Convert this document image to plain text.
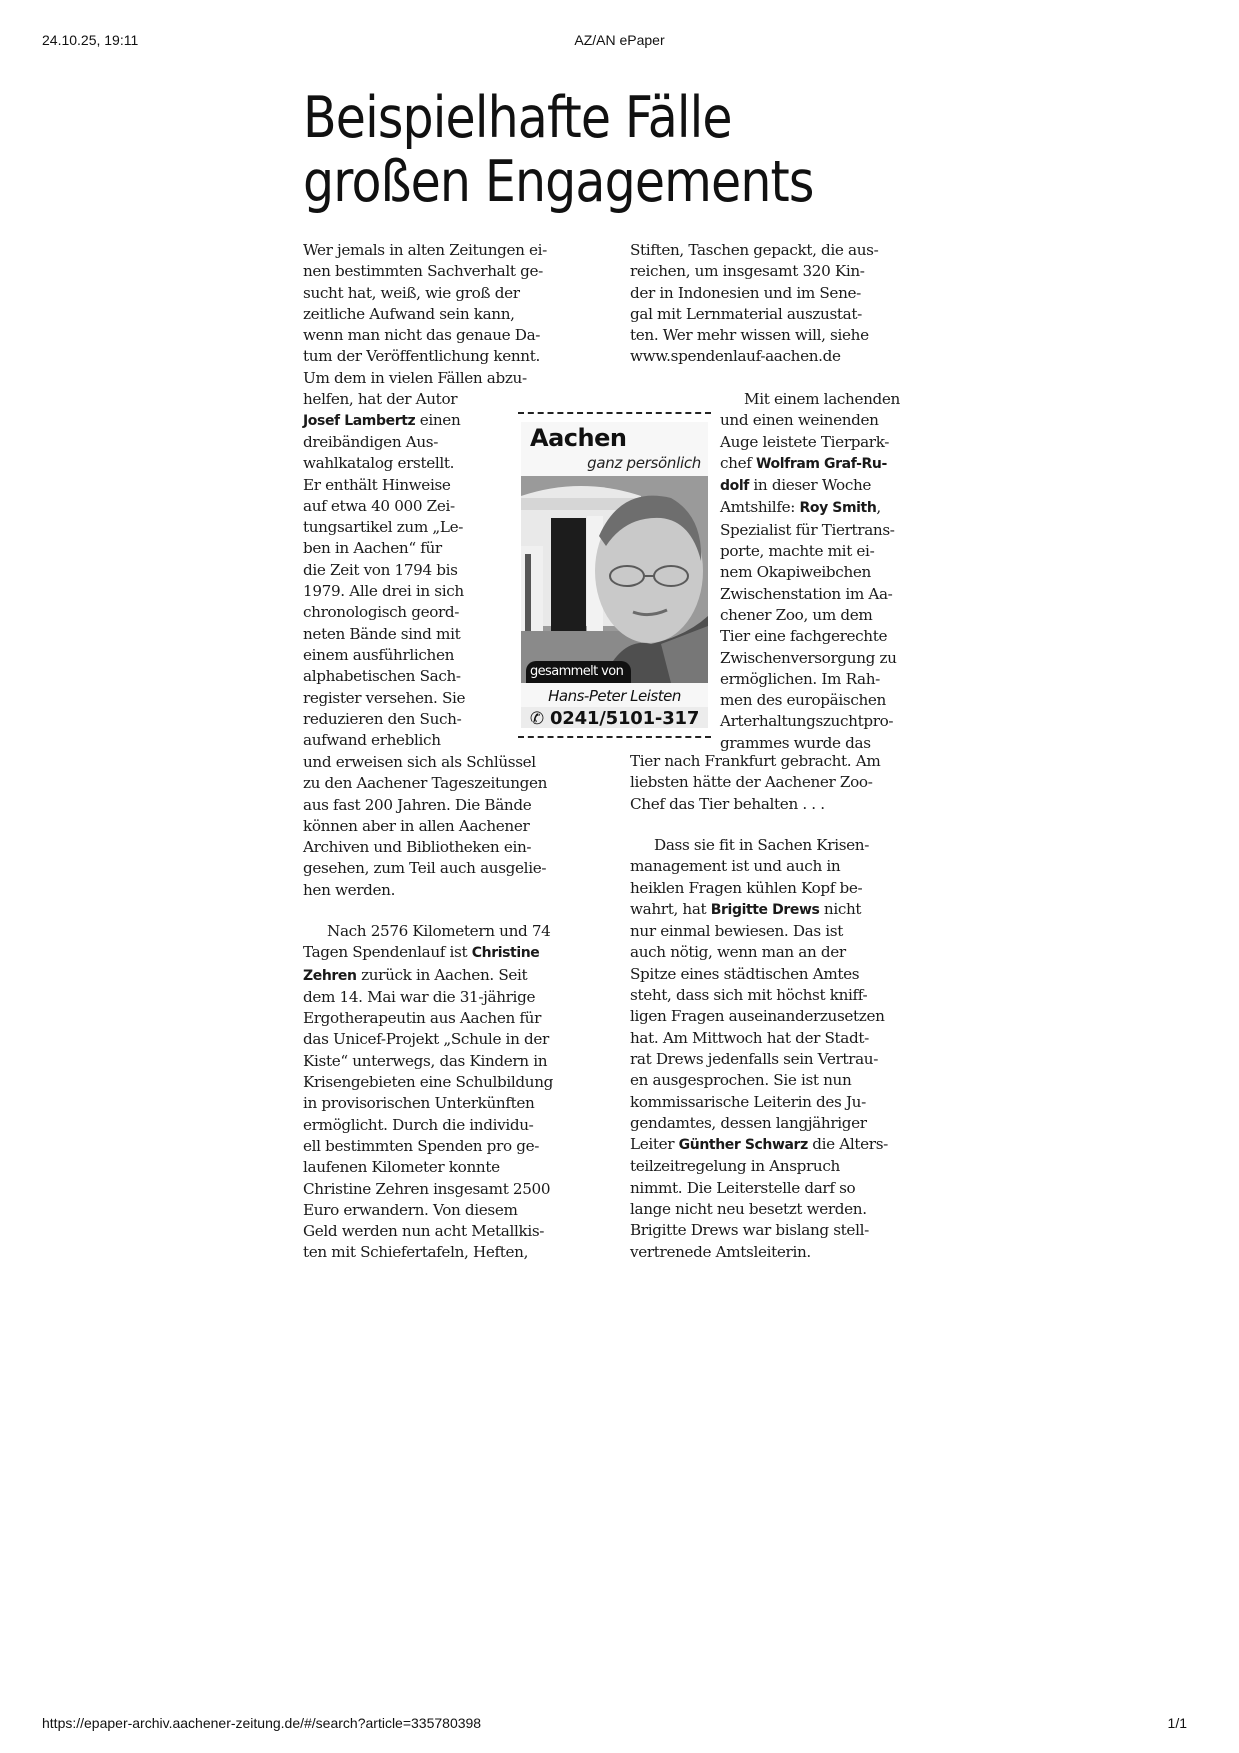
24.10.25, 19:11	AZ/AN ePaper
Beispielhafte Fälle
großen Engagements
Wer jemals in alten Zeitungen ei-
nen bestimmten Sachverhalt ge-
sucht hat, weiß, wie groß der
zeitliche Aufwand sein kann,
wenn man nicht das genaue Da-
tum der Veröffentlichung kennt.
Um dem in vielen Fällen abzu-
helfen, hat der Autor
Josef Lambertz einen
dreibändigen Aus-
wahlkatalog erstellt.
Er enthält Hinweise
auf etwa 40 000 Zei-
tungsartikel zum „Le-
ben in Aachen“ für
die Zeit von 1794 bis
1979. Alle drei in sich
chronologisch geord-
neten Bände sind mit
einem ausführlichen
alphabetischen Sach-
register versehen. Sie
reduzieren den Such-
aufwand erheblich
und erweisen sich als Schlüssel
zu den Aachener Tageszeitungen
aus fast 200 Jahren. Die Bände
können aber in allen Aachener
Archiven und Bibliotheken ein-
gesehen, zum Teil auch ausgelie-
hen werden.
Nach 2576 Kilometern und 74
Tagen Spendenlauf ist Christine
Zehren zurück in Aachen. Seit
dem 14. Mai war die 31-jährige
Ergotherapeutin aus Aachen für
das Unicef-Projekt „Schule in der
Kiste“ unterwegs, das Kindern in
Krisengebieten eine Schulbildung
in provisorischen Unterkünften
ermöglicht. Durch die individu-
ell bestimmten Spenden pro ge-
laufenen Kilometer konnte
Christine Zehren insgesamt 2500
Euro erwandern. Von diesem
Geld werden nun acht Metallkis-
ten mit Schiefertafeln, Heften,
Stiften, Taschen gepackt, die aus-
reichen, um insgesamt 320 Kin-
der in Indonesien und im Sene-
gal mit Lernmaterial auszustat-
ten. Wer mehr wissen will, siehe
www.spendenlauf-aachen.de
Mit einem lachenden
und einen weinenden
Auge leistete Tierpark-
chef Wolfram Graf-Ru-
dolf in dieser Woche
Amtshilfe: Roy Smith,
Spezialist für Tiertrans-
porte, machte mit ei-
nem Okapiweibchen
Zwischenstation im Aa-
chener Zoo, um dem
Tier eine fachgerechte
Zwischenversorgung zu
ermöglichen. Im Rah-
men des europäischen
Arterhaltungszuchtpro-
grammes wurde das
Tier nach Frankfurt gebracht. Am
liebsten hätte der Aachener Zoo-
Chef das Tier behalten . . .
Dass sie fit in Sachen Krisen-
management ist und auch in
heiklen Fragen kühlen Kopf be-
wahrt, hat Brigitte Drews nicht
nur einmal bewiesen. Das ist
auch nötig, wenn man an der
Spitze eines städtischen Amtes
steht, dass sich mit höchst kniff-
ligen Fragen auseinanderzusetzen
hat. Am Mittwoch hat der Stadt-
rat Drews jedenfalls sein Vertrau-
en ausgesprochen. Sie ist nun
kommissarische Leiterin des Ju-
gendamtes, dessen langjähriger
Leiter Günther Schwarz die Alters-
teilzeitregelung in Anspruch
nimmt. Die Leiterstelle darf so
lange nicht neu besetzt werden.
Brigitte Drews war bislang stell-
vertrenede Amtsleiterin.
Aachen
ganz persönlich
gesammelt von
Hans-Peter Leisten
✆ 0241/5101-317
https://epaper-archiv.aachener-zeitung.de/#/search?article=335780398	1/1
